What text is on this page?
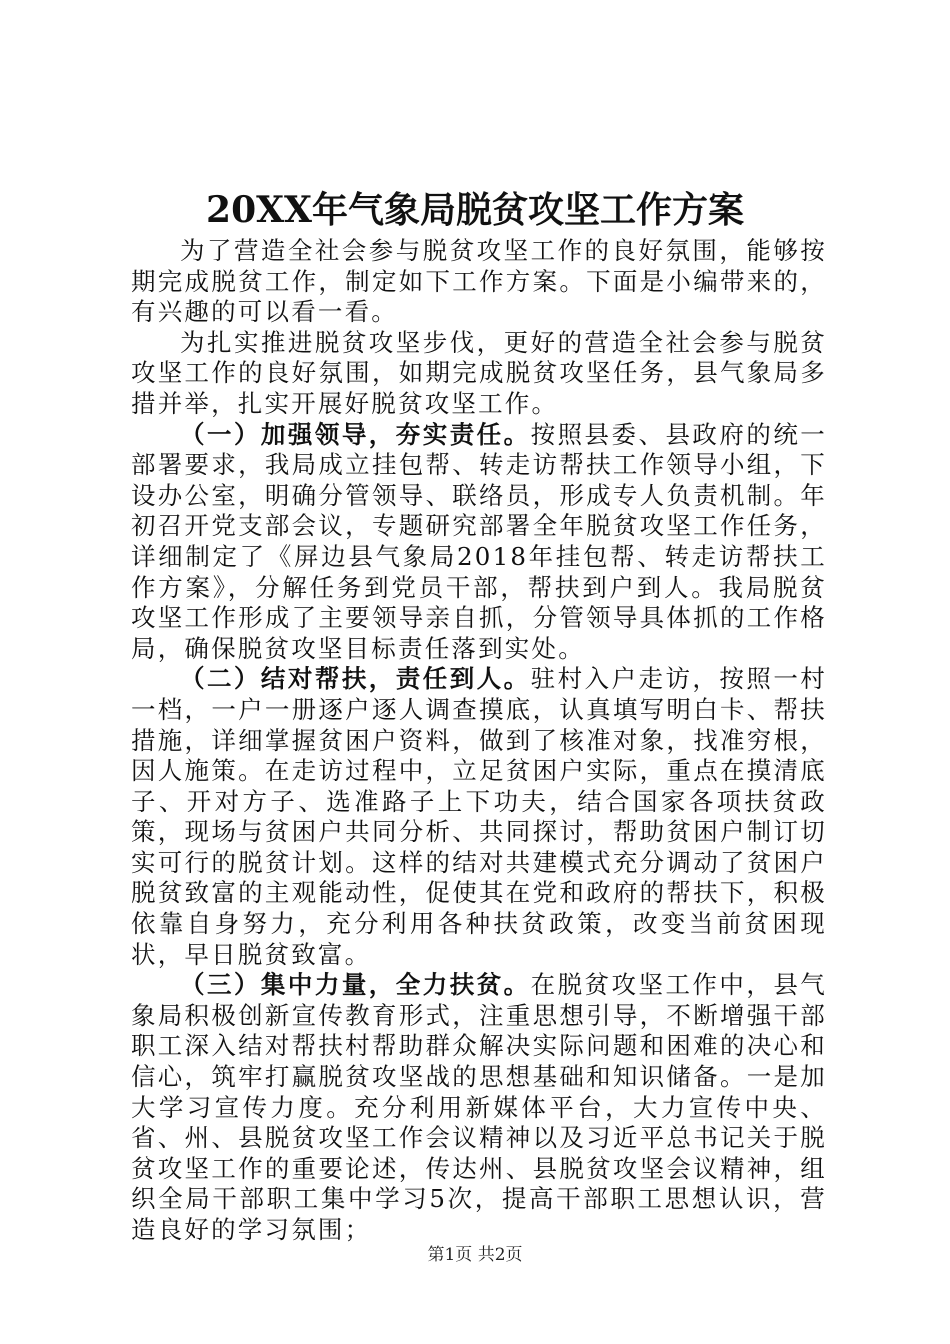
20XX年气象局脱贫攻坚工作方案

为了营造全社会参与脱贫攻坚工作的良好氛围，能够按期完成脱贫工作，制定如下工作方案。下面是小编带来的，有兴趣的可以看一看。

为扎实推进脱贫攻坚步伐，更好的营造全社会参与脱贫攻坚工作的良好氛围，如期完成脱贫攻坚任务，县气象局多措并举，扎实开展好脱贫攻坚工作。

（一）加强领导，夯实责任。按照县委、县政府的统一部署要求，我局成立挂包帮、转走访帮扶工作领导小组，下设办公室，明确分管领导、联络员，形成专人负责机制。年初召开党支部会议，专题研究部署全年脱贫攻坚工作任务，详细制定了《屏边县气象局2018年挂包帮、转走访帮扶工作方案》，分解任务到党员干部，帮扶到户到人。我局脱贫攻坚工作形成了主要领导亲自抓，分管领导具体抓的工作格局，确保脱贫攻坚目标责任落到实处。

（二）结对帮扶，责任到人。驻村入户走访，按照一村一档，一户一册逐户逐人调查摸底，认真填写明白卡、帮扶措施，详细掌握贫困户资料，做到了核准对象，找准穷根，因人施策。在走访过程中，立足贫困户实际，重点在摸清底子、开对方子、选准路子上下功夫，结合国家各项扶贫政策，现场与贫困户共同分析、共同探讨，帮助贫困户制订切实可行的脱贫计划。这样的结对共建模式充分调动了贫困户脱贫致富的主观能动性，促使其在党和政府的帮扶下，积极依靠自身努力，充分利用各种扶贫政策，改变当前贫困现状，早日脱贫致富。

（三）集中力量，全力扶贫。在脱贫攻坚工作中，县气象局积极创新宣传教育形式，注重思想引导，不断增强干部职工深入结对帮扶村帮助群众解决实际问题和困难的决心和信心，筑牢打赢脱贫攻坚战的思想基础和知识储备。一是加大学习宣传力度。充分利用新媒体平台，大力宣传中央、省、州、县脱贫攻坚工作会议精神以及习近平总书记关于脱贫攻坚工作的重要论述，传达州、县脱贫攻坚会议精神，组织全局干部职工集中学习5次，提高干部职工思想认识，营造良好的学习氛围；

第1页 共2页
